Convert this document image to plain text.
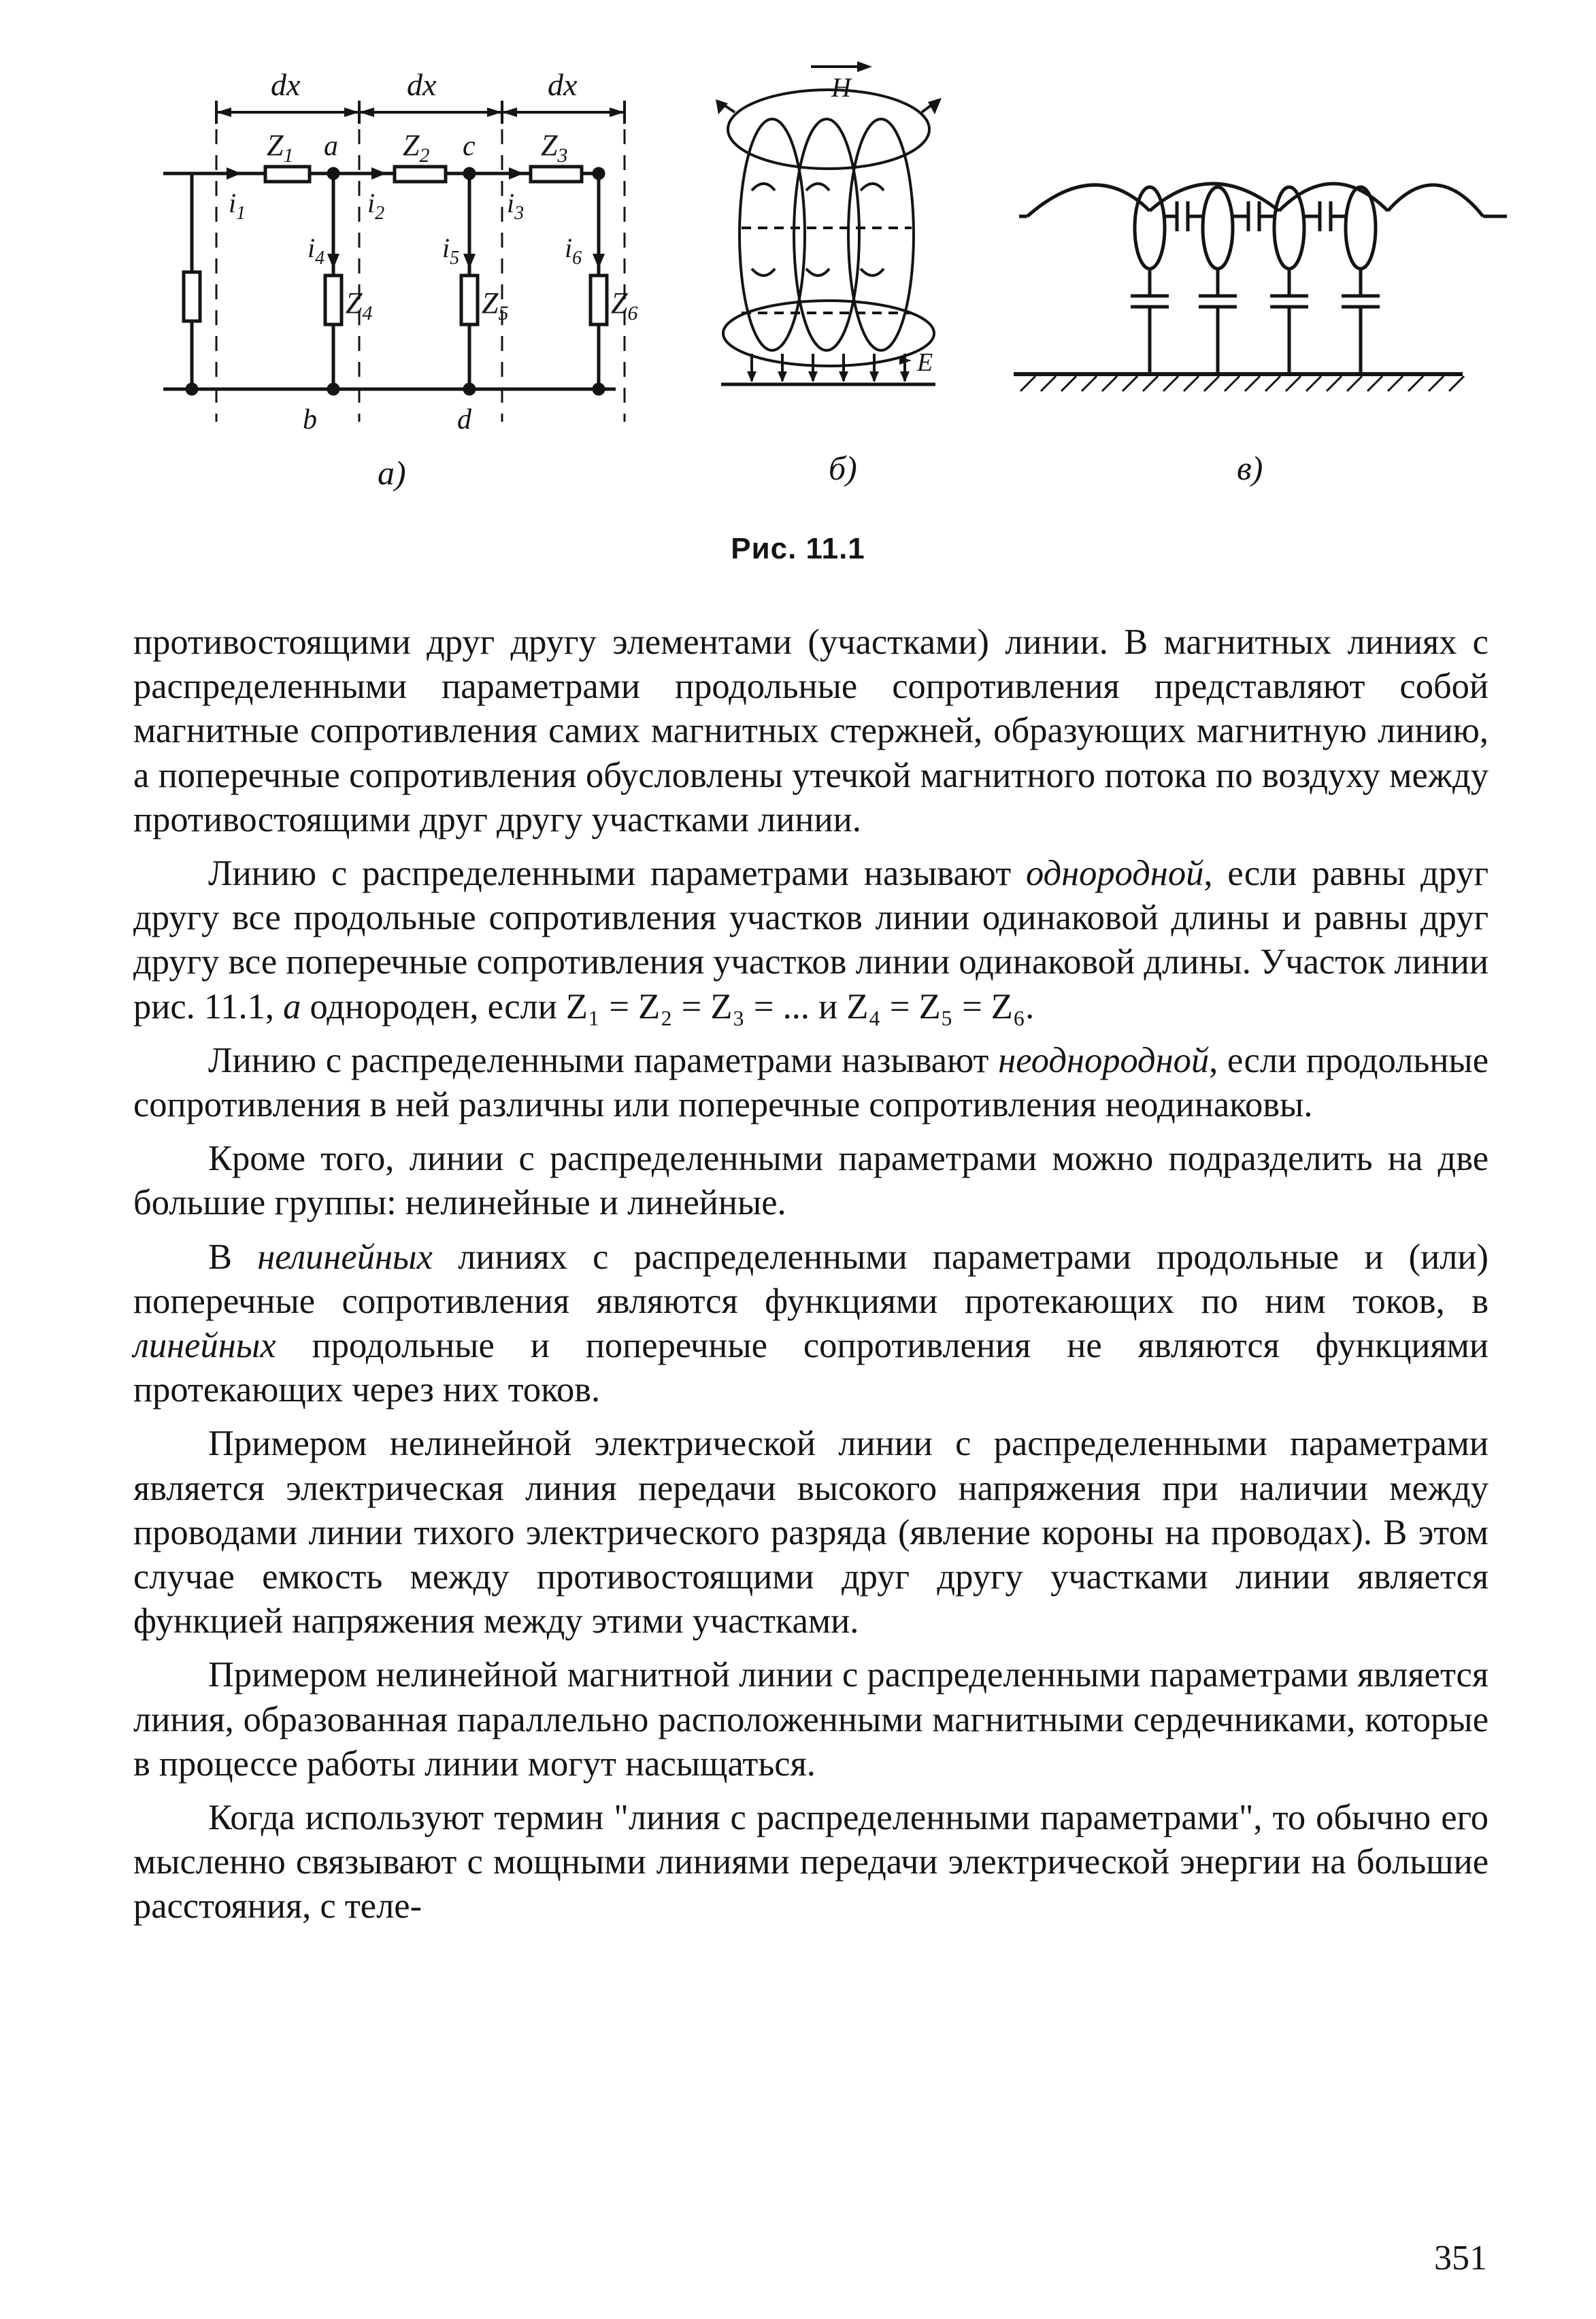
dx	dx	dx
$Z_1$	$Z_2$	$Z_3$
a	c
b	d
$i_1$	$i_2$	$i_3$
$i_4$	$i_5$	$i_6$
$Z_4$	$Z_5$	$Z_6$
а)
H
E
б)	в)
Рис. 11.1

противостоящими друг другу элементами (участками) линии. В магнитных линиях с распределенными параметрами продольные сопротивления представляют собой магнитные сопротивления самих магнитных стержней, образующих магнитную линию, а поперечные сопротивления обусловлены утечкой магнитного потока по воздуху между противостоящими друг другу участками линии.

Линию с распределенными параметрами называют однородной, если равны друг другу все продольные сопротивления участков линии одинаковой длины и равны друг другу все поперечные сопротивления участков линии одинаковой длины. Участок линии рис. 11.1, а однороден, если Z₁ = Z₂ = Z₃ = ... и Z₄ = Z₅ = Z₆.

Линию с распределенными параметрами называют неоднородной, если продольные сопротивления в ней различны или поперечные сопротивления неодинаковы.

Кроме того, линии с распределенными параметрами можно подразделить на две большие группы: нелинейные и линейные.

В нелинейных линиях с распределенными параметрами продольные и (или) поперечные сопротивления являются функциями протекающих по ним токов, в линейных продольные и поперечные сопротивления не являются функциями протекающих через них токов.

Примером нелинейной электрической линии с распределенными параметрами является электрическая линия передачи высокого напряжения при наличии между проводами линии тихого электрического разряда (явление короны на проводах). В этом случае емкость между противостоящими друг другу участками линии является функцией напряжения между этими участками.

Примером нелинейной магнитной линии с распределенными параметрами является линия, образованная параллельно расположенными магнитными сердечниками, которые в процессе работы линии могут насыщаться.

Когда используют термин "линия с распределенными параметрами", то обычно его мысленно связывают с мощными линиями передачи электрической энергии на большие расстояния, с теле-

351
